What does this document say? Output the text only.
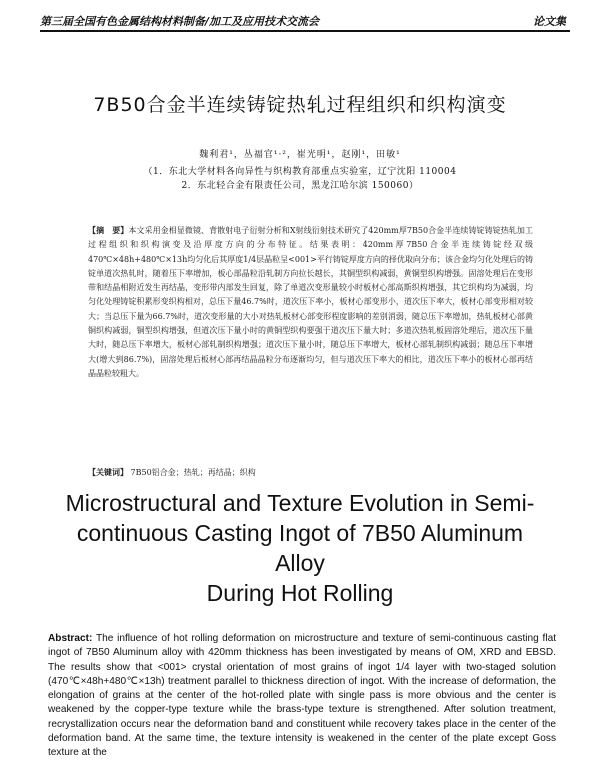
第三届全国有色金属结构材料制备/加工及应用技术交流会	论文集
7B50合金半连续铸锭热轧过程组织和织构演变
魏利君¹，丛福官¹·²，崔光明¹，赵刚¹，田敏¹
（1．东北大学材料各向异性与织构教育部重点实验室，辽宁沈阳 110004
2．东北轻合金有限责任公司，黑龙江哈尔滨 150060）
【摘　要】本文采用金相显微镜、背散射电子衍射分析和X射线衍射技术研究了420mm厚7B50合金半连续铸锭铸锭热轧加工过程组织和织构演变及沿厚度方向的分布特征。结果表明：420mm厚7B50合金半连续铸锭经双级470℃×48h+480℃×13h均匀化后其厚度1/4层晶粒呈<001>平行铸锭厚度方向的择优取向分布；该合金均匀化处理后的铸锭单道次热轧时，随着压下率增加，板心部晶粒沿轧制方向拉长越长，其铜型织构减弱，黄铜型织构增强。固溶处理后在变形带和结晶相附近发生再结晶，变形带内部发生回复，除了单道次变形量较小时板材心部高斯织构增强，其它织构均为减弱，均匀化处理铸锭积累形变织构相对，总压下量46.7%时，道次压下率小，板材心部变形小，道次压下率大，板材心部变形相对较大；当总压下量为66.7%时，道次变形量的大小对热轧板材心部变形程度影响的差别消弱，随总压下率增加，热轧板材心部黄铜织构减弱，铜型织构增强，但道次压下量小时的黄铜型织构要强于道次压下量大时；多道次热轧板固溶处理后，道次压下量大时，随总压下率增大，板材心部轧制织构增强；道次压下量小时，随总压下率增大，板材心部轧制织构减弱；随总压下率增大(增大到86.7%)，固溶处理后板材心部再结晶晶粒分布逐渐均匀，但与道次压下率大的相比，道次压下率小的板材心部再结晶晶粒较粗大。
【关键词】 7B50铝合金；热轧；再结晶；织构
Microstructural and Texture Evolution in Semi-
continuous Casting Ingot of 7B50 Aluminum Alloy
During Hot Rolling
Abstract: The influence of hot rolling deformation on microstructure and texture of semi-continuous casting flat ingot of 7B50 Aluminum alloy with 420mm thickness has been investigated by means of OM, XRD and EBSD. The results show that <001> crystal orientation of most grains of ingot 1/4 layer with two-staged solution (470℃×48h+480℃×13h) treatment parallel to thickness direction of ingot. With the increase of deformation, the elongation of grains at the center of the hot-rolled plate with single pass is more obvious and the center is weakened by the copper-type texture while the brass-type texture is strengthened. After solution treatment, recrystallization occurs near the deformation band and constituent while recovery takes place in the center of the deformation band. At the same time, the texture intensity is weakened in the center of the plate except Goss texture at the
